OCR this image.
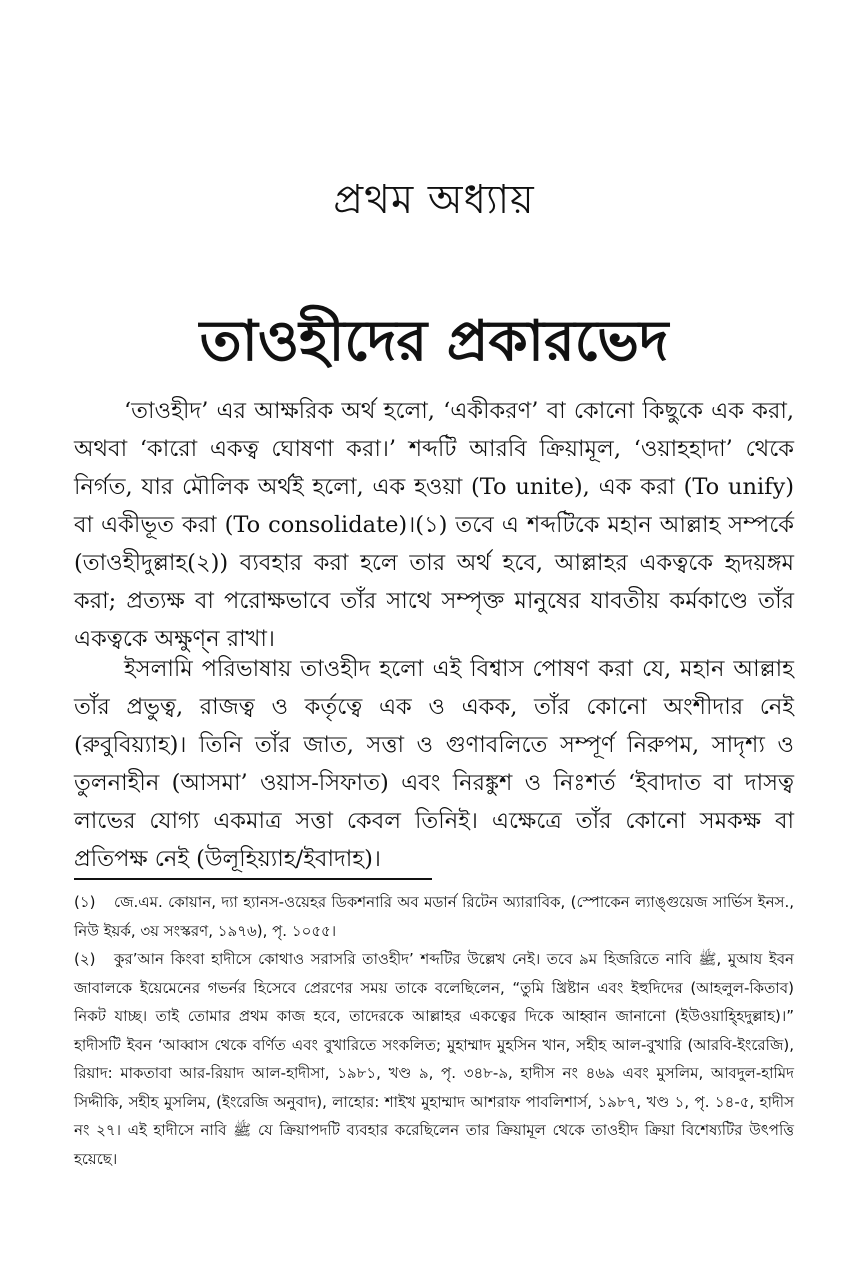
প্রথম অধ্যায়
তাওহীদের প্রকারভেদ

‘তাওহীদ’ এর আক্ষরিক অর্থ হলো, ‘একীকরণ’ বা কোনো কিছুকে এক করা, অথবা ‘কারো একত্ব ঘোষণা করা।’ শব্দটি আরবি ক্রিয়ামূল, ‘ওয়াহহাদা’ থেকে নির্গত, যার মৌলিক অর্থই হলো, এক হওয়া (To unite), এক করা (To unify) বা একীভূত করা (To consolidate)।(১) তবে এ শব্দটিকে মহান আল্লাহ সম্পর্কে (তাওহীদুল্লাহ(২)) ব্যবহার করা হলে তার অর্থ হবে, আল্লাহর একত্বকে হৃদয়ঙ্গম করা; প্রত্যক্ষ বা পরোক্ষভাবে তাঁর সাথে সম্পৃক্ত মানুষের যাবতীয় কর্মকাণ্ডে তাঁর একত্বকে অক্ষুণ্ন রাখা।

ইসলামি পরিভাষায় তাওহীদ হলো এই বিশ্বাস পোষণ করা যে, মহান আল্লাহ তাঁর প্রভুত্ব, রাজত্ব ও কর্তৃত্বে এক ও একক, তাঁর কোনো অংশীদার নেই (রুবুবিয়্যাহ)। তিনি তাঁর জাত, সত্তা ও গুণাবলিতে সম্পূর্ণ নিরুপম, সাদৃশ্য ও তুলনাহীন (আসমা’ ওয়াস-সিফাত) এবং নিরঙ্কুশ ও নিঃশর্ত ‘ইবাদাত বা দাসত্ব লাভের যোগ্য একমাত্র সত্তা কেবল তিনিই। এক্ষেত্রে তাঁর কোনো সমকক্ষ বা প্রতিপক্ষ নেই (উলূহিয়্যাহ/ইবাদাহ)।

(১) জে.এম. কোয়ান, দ্যা হ্যানস-ওয়েহর ডিকশনারি অব মডার্ন রিটেন অ্যারাবিক, (স্পোকেন ল্যাঙ্গুয়েজ সার্ভিস ইনস., নিউ ইয়র্ক, ৩য় সংস্করণ, ১৯৭৬), পৃ. ১০৫৫।
(২) কুর’আন কিংবা হাদীসে কোথাও সরাসরি তাওহীদ’ শব্দটির উল্লেখ নেই। তবে ৯ম হিজরিতে নাবি ﷺ, মুআয ইবন জাবালকে ইয়েমেনের গভর্নর হিসেবে প্রেরণের সময় তাকে বলেছিলেন, “তুমি খ্রিষ্টান এবং ইহুদিদের (আহলুল-কিতাব) নিকট যাচ্ছ। তাই তোমার প্রথম কাজ হবে, তাদেরকে আল্লাহর একত্বের দিকে আহ্বান জানানো (ইউওয়াহ্হিদুল্লাহ)।” হাদীসটি ইবন ‘আব্বাস থেকে বর্ণিত এবং বুখারিতে সংকলিত; মুহাম্মাদ মুহসিন খান, সহীহ আল-বুখারি (আরবি-ইংরেজি), রিয়াদ: মাকতাবা আর-রিয়াদ আল-হাদীসা, ১৯৮১, খণ্ড ৯, পৃ. ৩৪৮-৯, হাদীস নং ৪৬৯ এবং মুসলিম, আবদুল-হামিদ সিদ্দীকি, সহীহ মুসলিম, (ইংরেজি অনুবাদ), লাহোর: শাইখ মুহাম্মাদ আশরাফ পাবলিশার্স, ১৯৮৭, খণ্ড ১, পৃ. ১৪-৫, হাদীস নং ২৭। এই হাদীসে নাবি ﷺ যে ক্রিয়াপদটি ব্যবহার করেছিলেন তার ক্রিয়ামূল থেকে তাওহীদ ক্রিয়া বিশেষ্যটির উৎপত্তি হয়েছে।
